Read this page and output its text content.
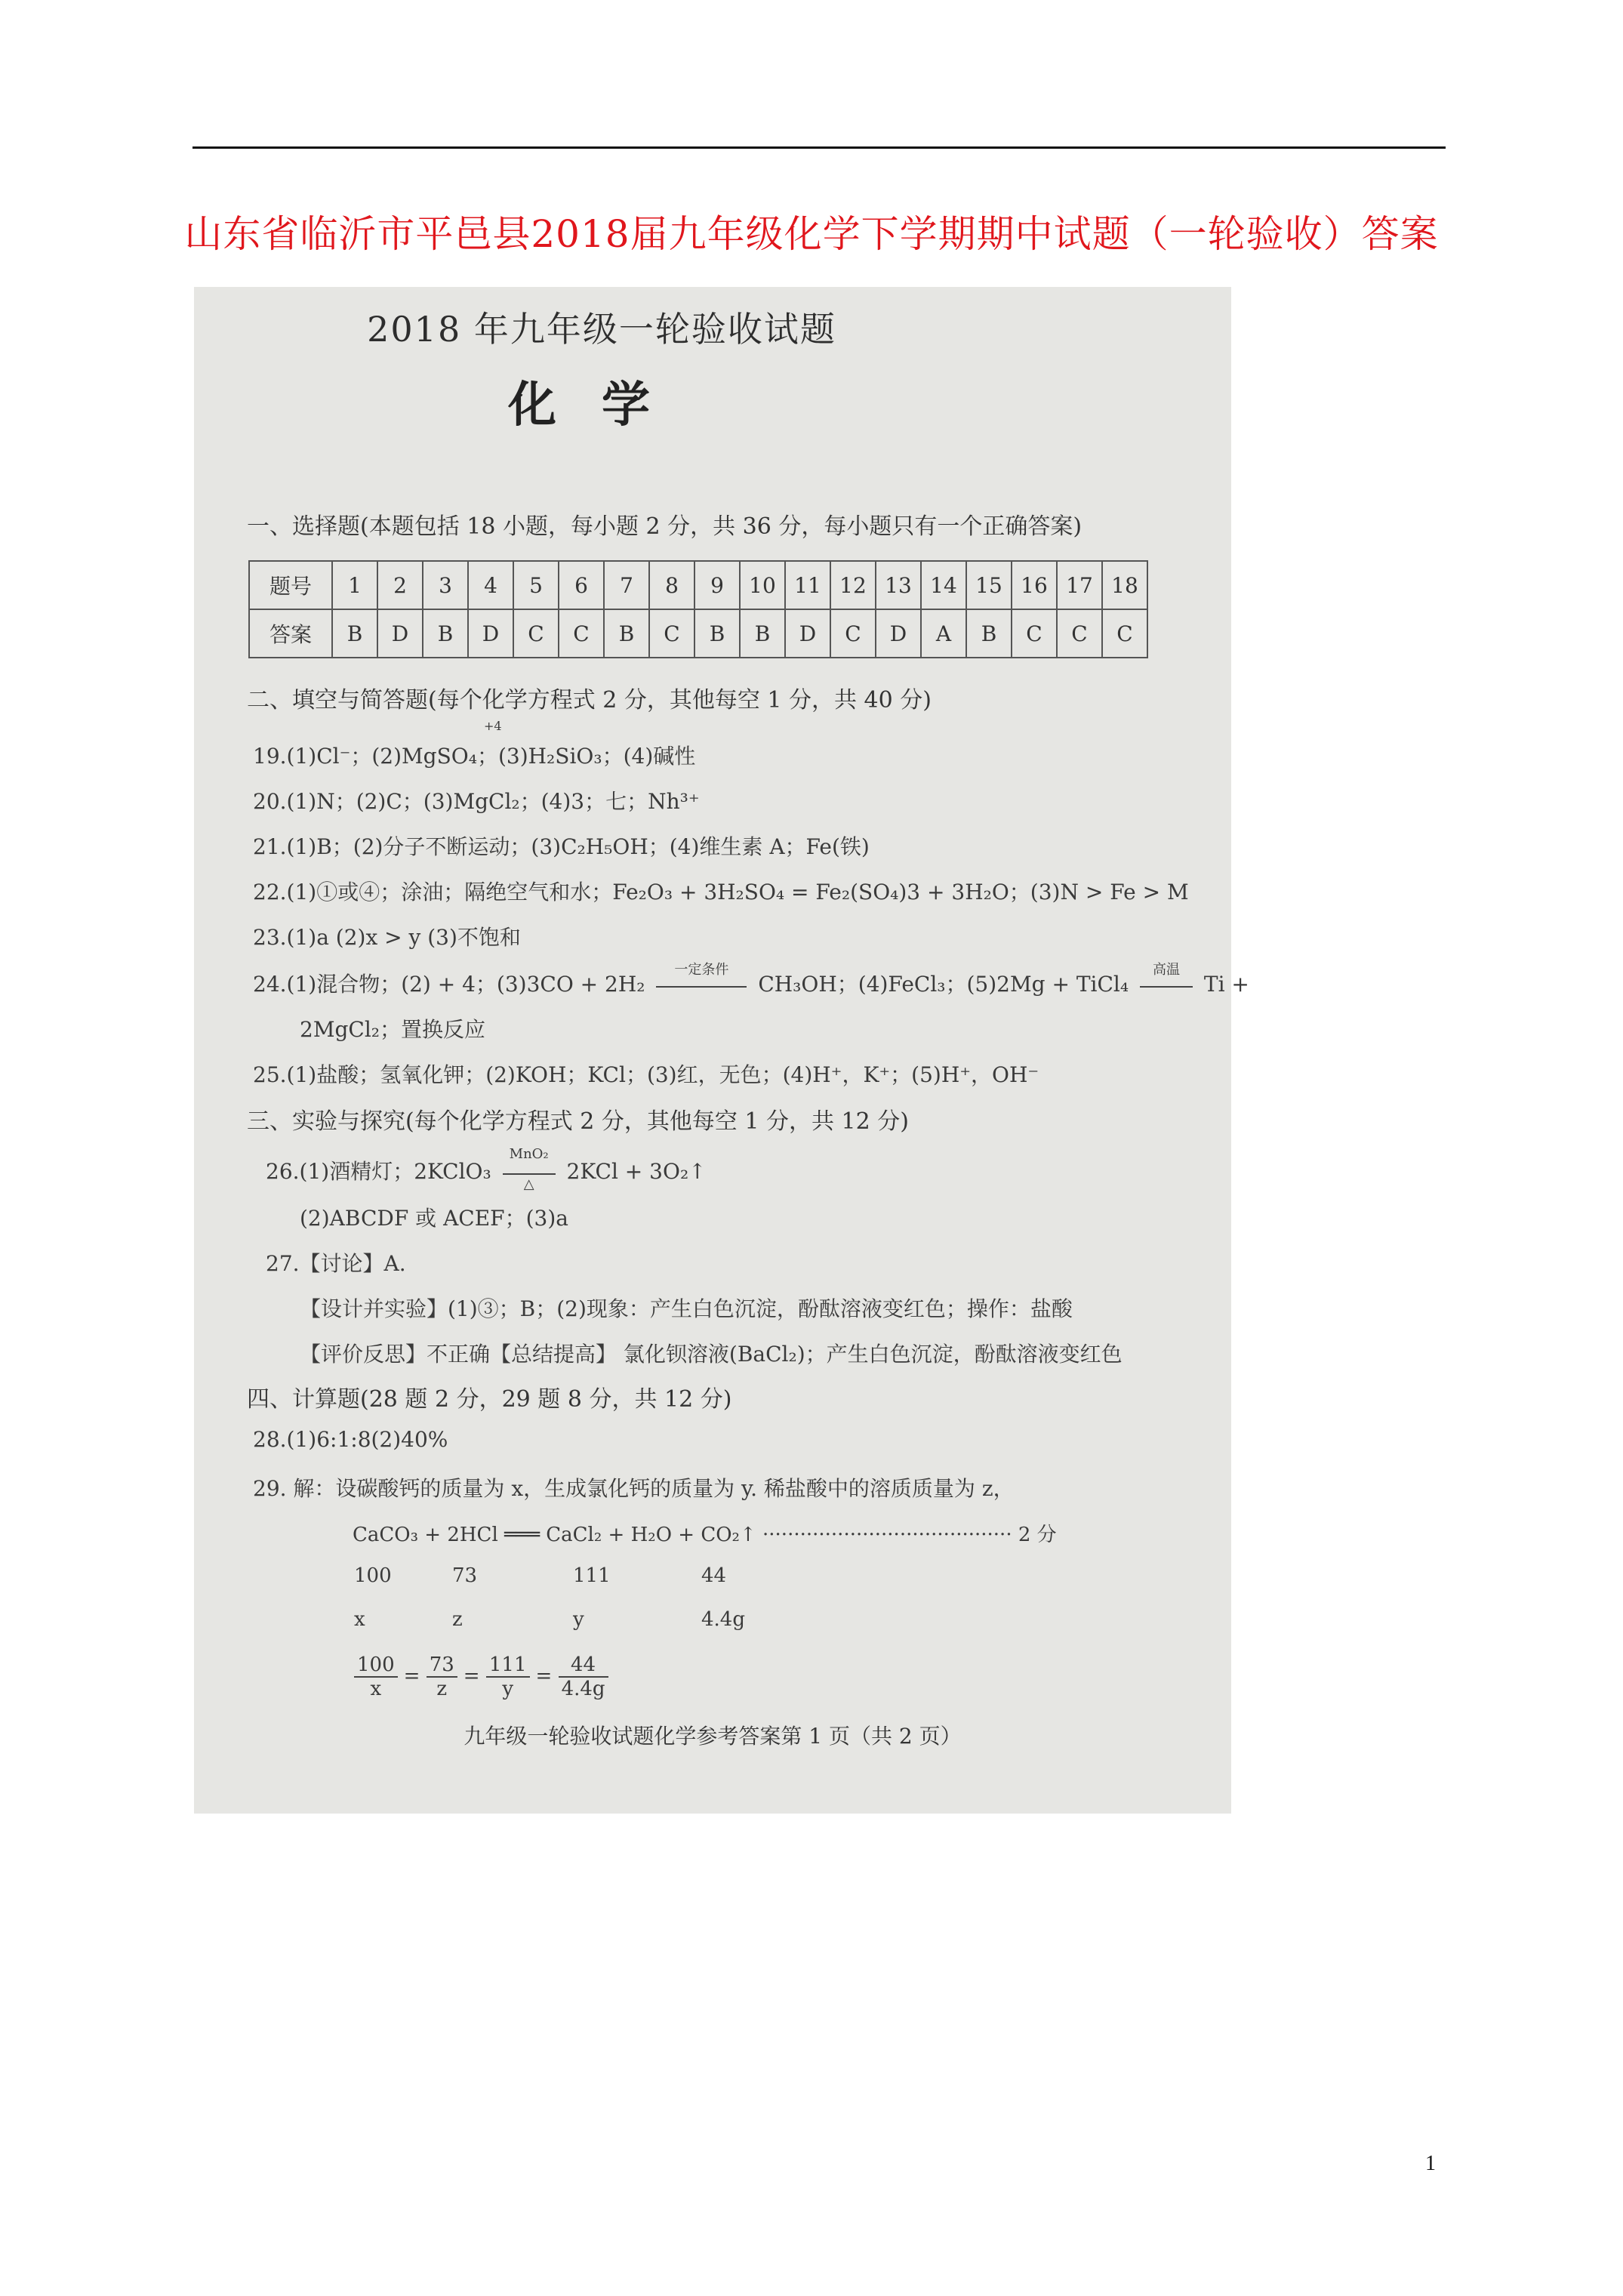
山东省临沂市平邑县2018届九年级化学下学期期中试题（一轮验收）答案
2018 年九年级一轮验收试题
化学
一、选择题(本题包括 18 小题，每小题 2 分，共 36 分，每小题只有一个正确答案)
题号	1	2	3	4	5	6	7	8	9	10	11	12	13	14	15	16	17	18
答案	B	D	B	D	C	C	B	C	B	B	D	C	D	A	B	C	C	C
二、填空与简答题(每个化学方程式 2 分，其他每空 1 分，共 40 分)
+4
19.(1)Cl⁻；(2)MgSO₄；(3)H₂SiO₃；(4)碱性
20.(1)N；(2)C；(3)MgCl₂；(4)3；七；Nh³⁺
21.(1)B；(2)分子不断运动；(3)C₂H₅OH；(4)维生素 A；Fe(铁)
22.(1)①或④；涂油；隔绝空气和水；Fe₂O₃ + 3H₂SO₄ = Fe₂(SO₄)3 + 3H₂O；(3)N > Fe > M
23.(1)a (2)x > y (3)不饱和
24.(1)混合物；(2) + 4；(3)3CO + 2H₂
一定条件
CH₃OH；(4)FeCl₃；(5)2Mg + TiCl₄
高温
Ti +
2MgCl₂；置换反应
25.(1)盐酸；氢氧化钾；(2)KOH；KCl；(3)红，无色；(4)H⁺，K⁺；(5)H⁺，OH⁻
三、实验与探究(每个化学方程式 2 分，其他每空 1 分，共 12 分)
26.(1)酒精灯；2KClO₃
MnO₂
△	2KCl + 3O₂↑
(2)ABCDF 或 ACEF；(3)a
27.【讨论】A.
【设计并实验】(1)③；B；(2)现象：产生白色沉淀，酚酞溶液变红色；操作：盐酸
【评价反思】不正确【总结提高】 氯化钡溶液(BaCl₂)；产生白色沉淀，酚酞溶液变红色
四、计算题(28 题 2 分，29 题 8 分，共 12 分)
28.(1)6:1:8(2)40%
29. 解：设碳酸钙的质量为 x，生成氯化钙的质量为 y. 稀盐酸中的溶质质量为 z，
CaCO₃ + 2HCl ═══ CaCl₂ + H₂O + CO₂↑ ········································ 2 分
100	73	111	44
x	z	y	4.4g
$\frac{100}{x} = \frac{73}{z} = \frac{111}{y} = \frac{44}{4.4g}$
九年级一轮验收试题化学参考答案第 1 页（共 2 页）
1
